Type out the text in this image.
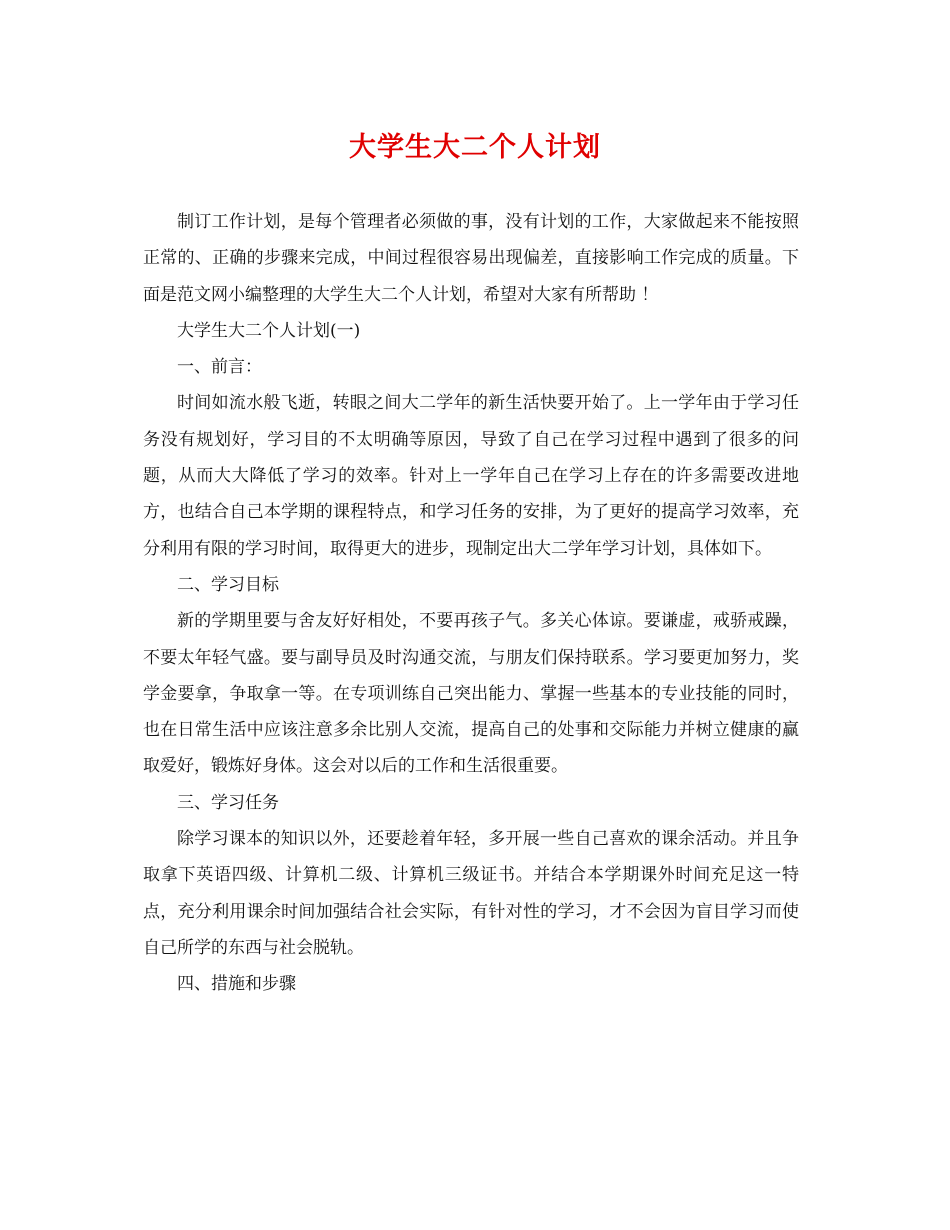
大学生大二个人计划

制订工作计划，是每个管理者必须做的事，没有计划的工作，大家做起来不能按照正常的、正确的步骤来完成，中间过程很容易出现偏差，直接影响工作完成的质量。下面是范文网小编整理的大学生大二个人计划，希望对大家有所帮助 ！

大学生大二个人计划(一)

一、前言：

时间如流水般飞逝，转眼之间大二学年的新生活快要开始了。上一学年由于学习任务没有规划好，学习目的不太明确等原因，导致了自己在学习过程中遇到了很多的问题，从而大大降低了学习的效率。针对上一学年自己在学习上存在的许多需要改进地方，也结合自己本学期的课程特点，和学习任务的安排，为了更好的提高学习效率，充分利用有限的学习时间，取得更大的进步，现制定出大二学年学习计划，具体如下。

二、学习目标

新的学期里要与舍友好好相处，不要再孩子气。多关心体谅。要谦虚，戒骄戒躁，不要太年轻气盛。要与副导员及时沟通交流，与朋友们保持联系。学习要更加努力，奖学金要拿，争取拿一等。在专项训练自己突出能力、掌握一些基本的专业技能的同时，也在日常生活中应该注意多余比别人交流，提高自己的处事和交际能力并树立健康的赢取爱好，锻炼好身体。这会对以后的工作和生活很重要。

三、学习任务

除学习课本的知识以外，还要趁着年轻，多开展一些自己喜欢的课余活动。并且争取拿下英语四级、计算机二级、计算机三级证书。并结合本学期课外时间充足这一特点，充分利用课余时间加强结合社会实际，有针对性的学习，才不会因为盲目学习而使自己所学的东西与社会脱轨。

四、措施和步骤
